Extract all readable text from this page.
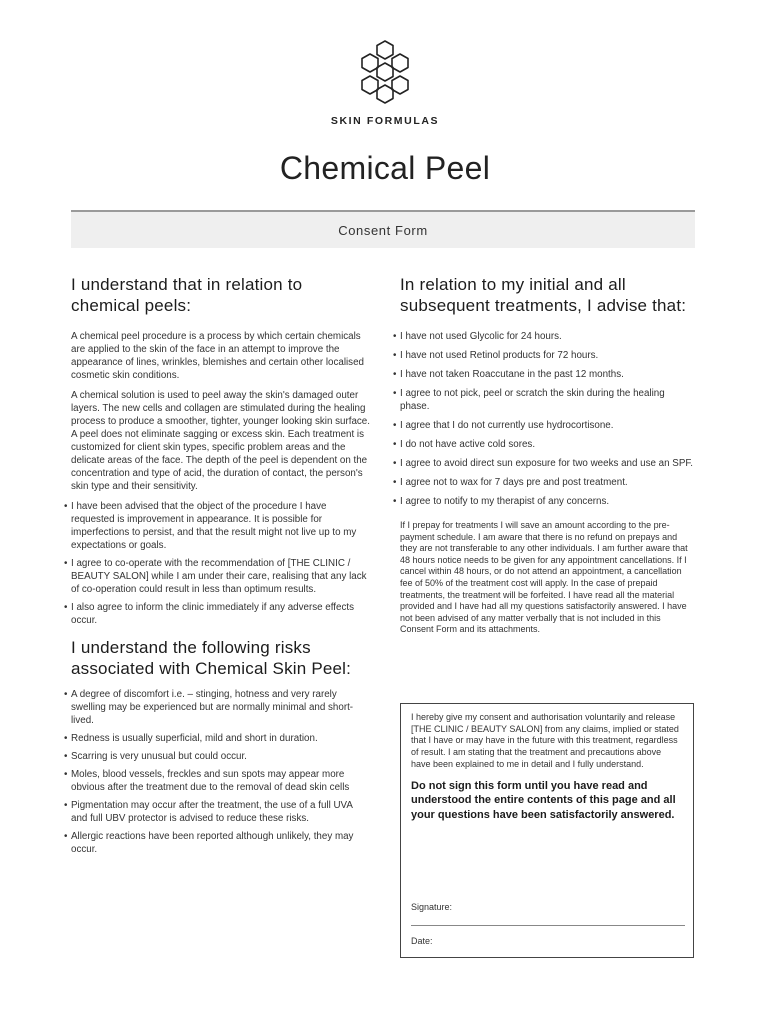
SKIN FORMULAS
Chemical Peel
Consent Form
I understand that in relation to chemical peels:

A chemical peel procedure is a process by which certain chemicals are applied to the skin of the face in an attempt to improve the appearance of lines, wrinkles, blemishes and certain other localised cosmetic skin conditions.

A chemical solution is used to peel away the skin's damaged outer layers. The new cells and collagen are stimulated during the healing process to produce a smoother, tighter, younger looking skin surface. A peel does not eliminate sagging or excess skin. Each treatment is customized for client skin types, specific problem areas and the delicate areas of the face. The depth of the peel is dependent on the concentration and type of acid, the duration of contact, the person's skin type and their sensitivity.

• I have been advised that the object of the procedure I have requested is improvement in appearance. It is possible for imperfections to persist, and that the result might not live up to my expectations or goals.
• I agree to co-operate with the recommendation of [THE CLINIC / BEAUTY SALON] while I am under their care, realising that any lack of co-operation could result in less than optimum results.
• I also agree to inform the clinic immediately if any adverse effects occur.
I understand the following risks associated with Chemical Skin Peel:
• A degree of discomfort i.e. – stinging, hotness and very rarely swelling may be experienced but are normally minimal and short-lived.
• Redness is usually superficial, mild and short in duration.
• Scarring is very unusual but could occur.
• Moles, blood vessels, freckles and sun spots may appear more obvious after the treatment due to the removal of dead skin cells
• Pigmentation may occur after the treatment, the use of a full UVA and full UBV protector is advised to reduce these risks.
• Allergic reactions have been reported although unlikely, they may occur.
In relation to my initial and all subsequent treatments, I advise that:
• I have not used Glycolic for 24 hours.
• I have not used Retinol products for 72 hours.
• I have not taken Roaccutane in the past 12 months.
• I agree to not pick, peel or scratch the skin during the healing phase.
• I agree that I do not currently use hydrocortisone.
• I do not have active cold sores.
• I agree to avoid direct sun exposure for two weeks and use an SPF.
• I agree not to wax for 7 days pre and post treatment.
• I agree to notify to my therapist of any concerns.

If I prepay for treatments I will save an amount according to the pre-payment schedule. I am aware that there is no refund on prepays and they are not transferable to any other individuals. I am further aware that 48 hours notice needs to be given for any appointment cancellations. If I cancel within 48 hours, or do not attend an appointment, a cancellation fee of 50% of the treatment cost will apply. In the case of prepaid treatments, the treatment will be forfeited. I have read all the material provided and I have had all my questions satisfactorily answered. I have not been advised of any matter verbally that is not included in this Consent Form and its attachments.

I hereby give my consent and authorisation voluntarily and release [THE CLINIC / BEAUTY SALON] from any claims, implied or stated that I have or may have in the future with this treatment, regardless of result. I am stating that the treatment and precautions above have been explained to me in detail and I fully understand.
Do not sign this form until you have read and understood the entire contents of this page and all your questions have been satisfactorily answered.
Signature:
Date:
